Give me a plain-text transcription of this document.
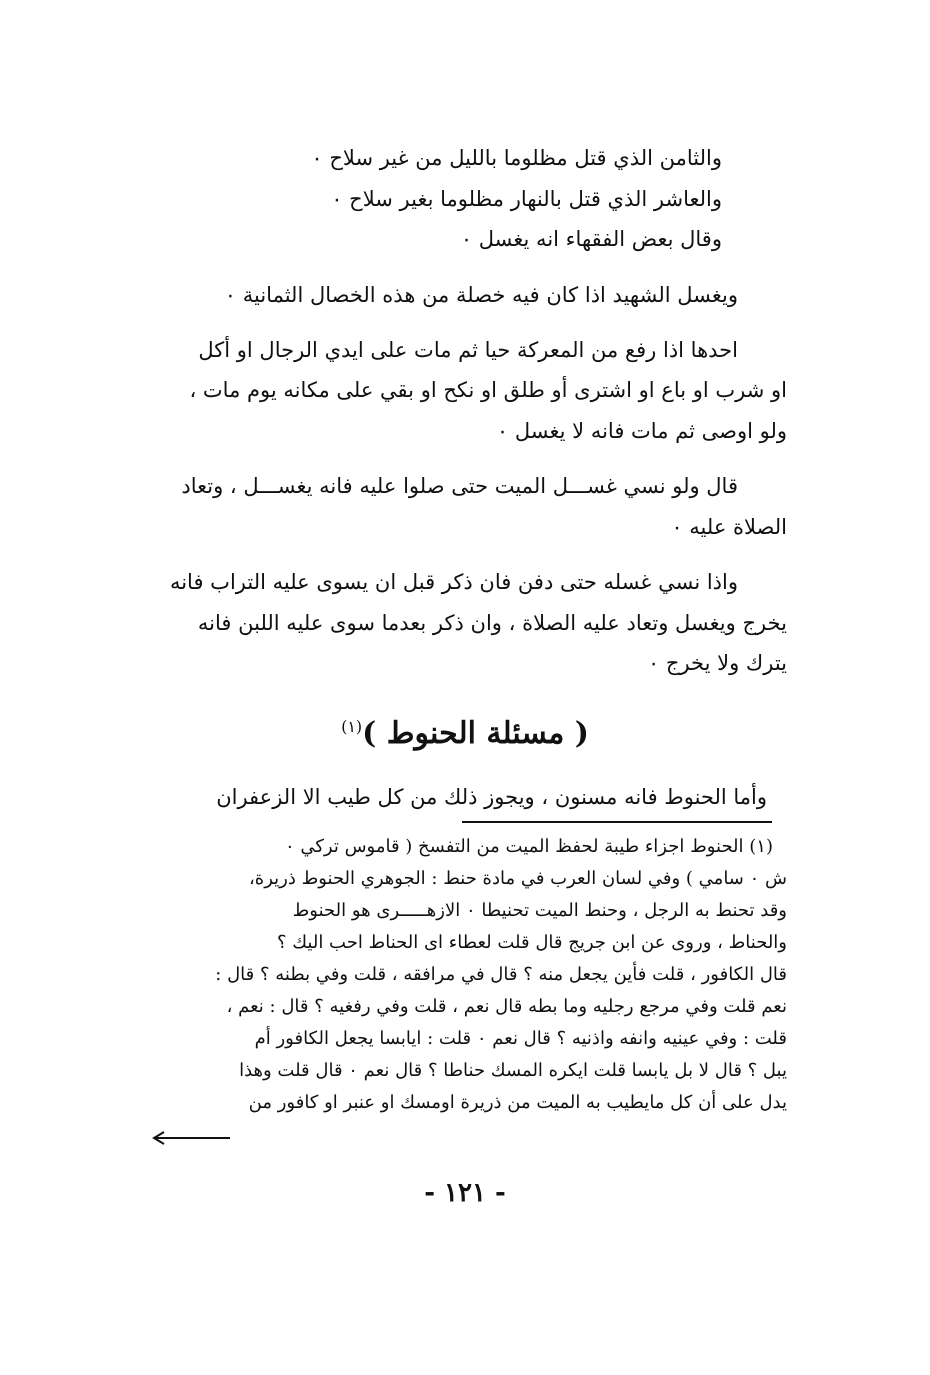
والثامن الذي قتل مظلوما بالليل من غير سلاح ٠
والعاشر الذي قتل بالنهار مظلوما بغير سلاح ٠
وقال بعض الفقهاء انه يغسل ٠
ويغسل الشهيد اذا كان فيه خصلة من هذه الخصال الثمانية ٠
احدها اذا رفع من المعركة حيا ثم مات على ايدي الرجال او أكل
او شرب او باع او اشترى أو طلق او نكح او بقي على مكانه يوم مات ،
ولو اوصى ثم مات فانه لا يغسل ٠
قال ولو نسي غســـل الميت حتى صلوا عليه فانه يغســـل ، وتعاد
الصلاة عليه ٠
واذا نسي غسله حتى دفن فان ذكر قبل ان يسوى عليه التراب فانه
يخرج ويغسل وتعاد عليه الصلاة ، وان ذكر بعدما سوى عليه اللبن فانه
يترك ولا يخرج ٠
( مسئلة الحنوط )$^{(١)}$
وأما الحنوط فانه مسنون ، ويجوز ذلك من كل طيب الا الزعفران
(١) الحنوط اجزاء طيبة لحفظ الميت من التفسخ ( قاموس تركي ٠
ش ٠ سامي ) وفي لسان العرب في مادة حنط : الجوهري الحنوط ذريرة،
وقد تحنط به الرجل ، وحنط الميت تحنيطا ٠ الازهـــــرى هو الحنوط
والحناط ، وروى عن ابن جريج قال قلت لعطاء اى الحناط احب اليك ؟
قال الكافور ، قلت فأين يجعل منه ؟ قال في مرافقه ، قلت وفي بطنه ؟ قال :
نعم قلت وفي مرجع رجليه وما بطه قال نعم ، قلت وفي رفغيه ؟ قال : نعم ،
قلت : وفي عينيه وانفه واذنيه ؟ قال نعم ٠ قلت : ايابسا يجعل الكافور أم
يبل ؟ قال لا بل يابسا قلت ايكره المسك حناطا ؟ قال نعم ٠ قال قلت وهذا
يدل على أن كل مايطيب به الميت من ذريرة اومسك او عنبر او كافور من
- ١٢١ -
